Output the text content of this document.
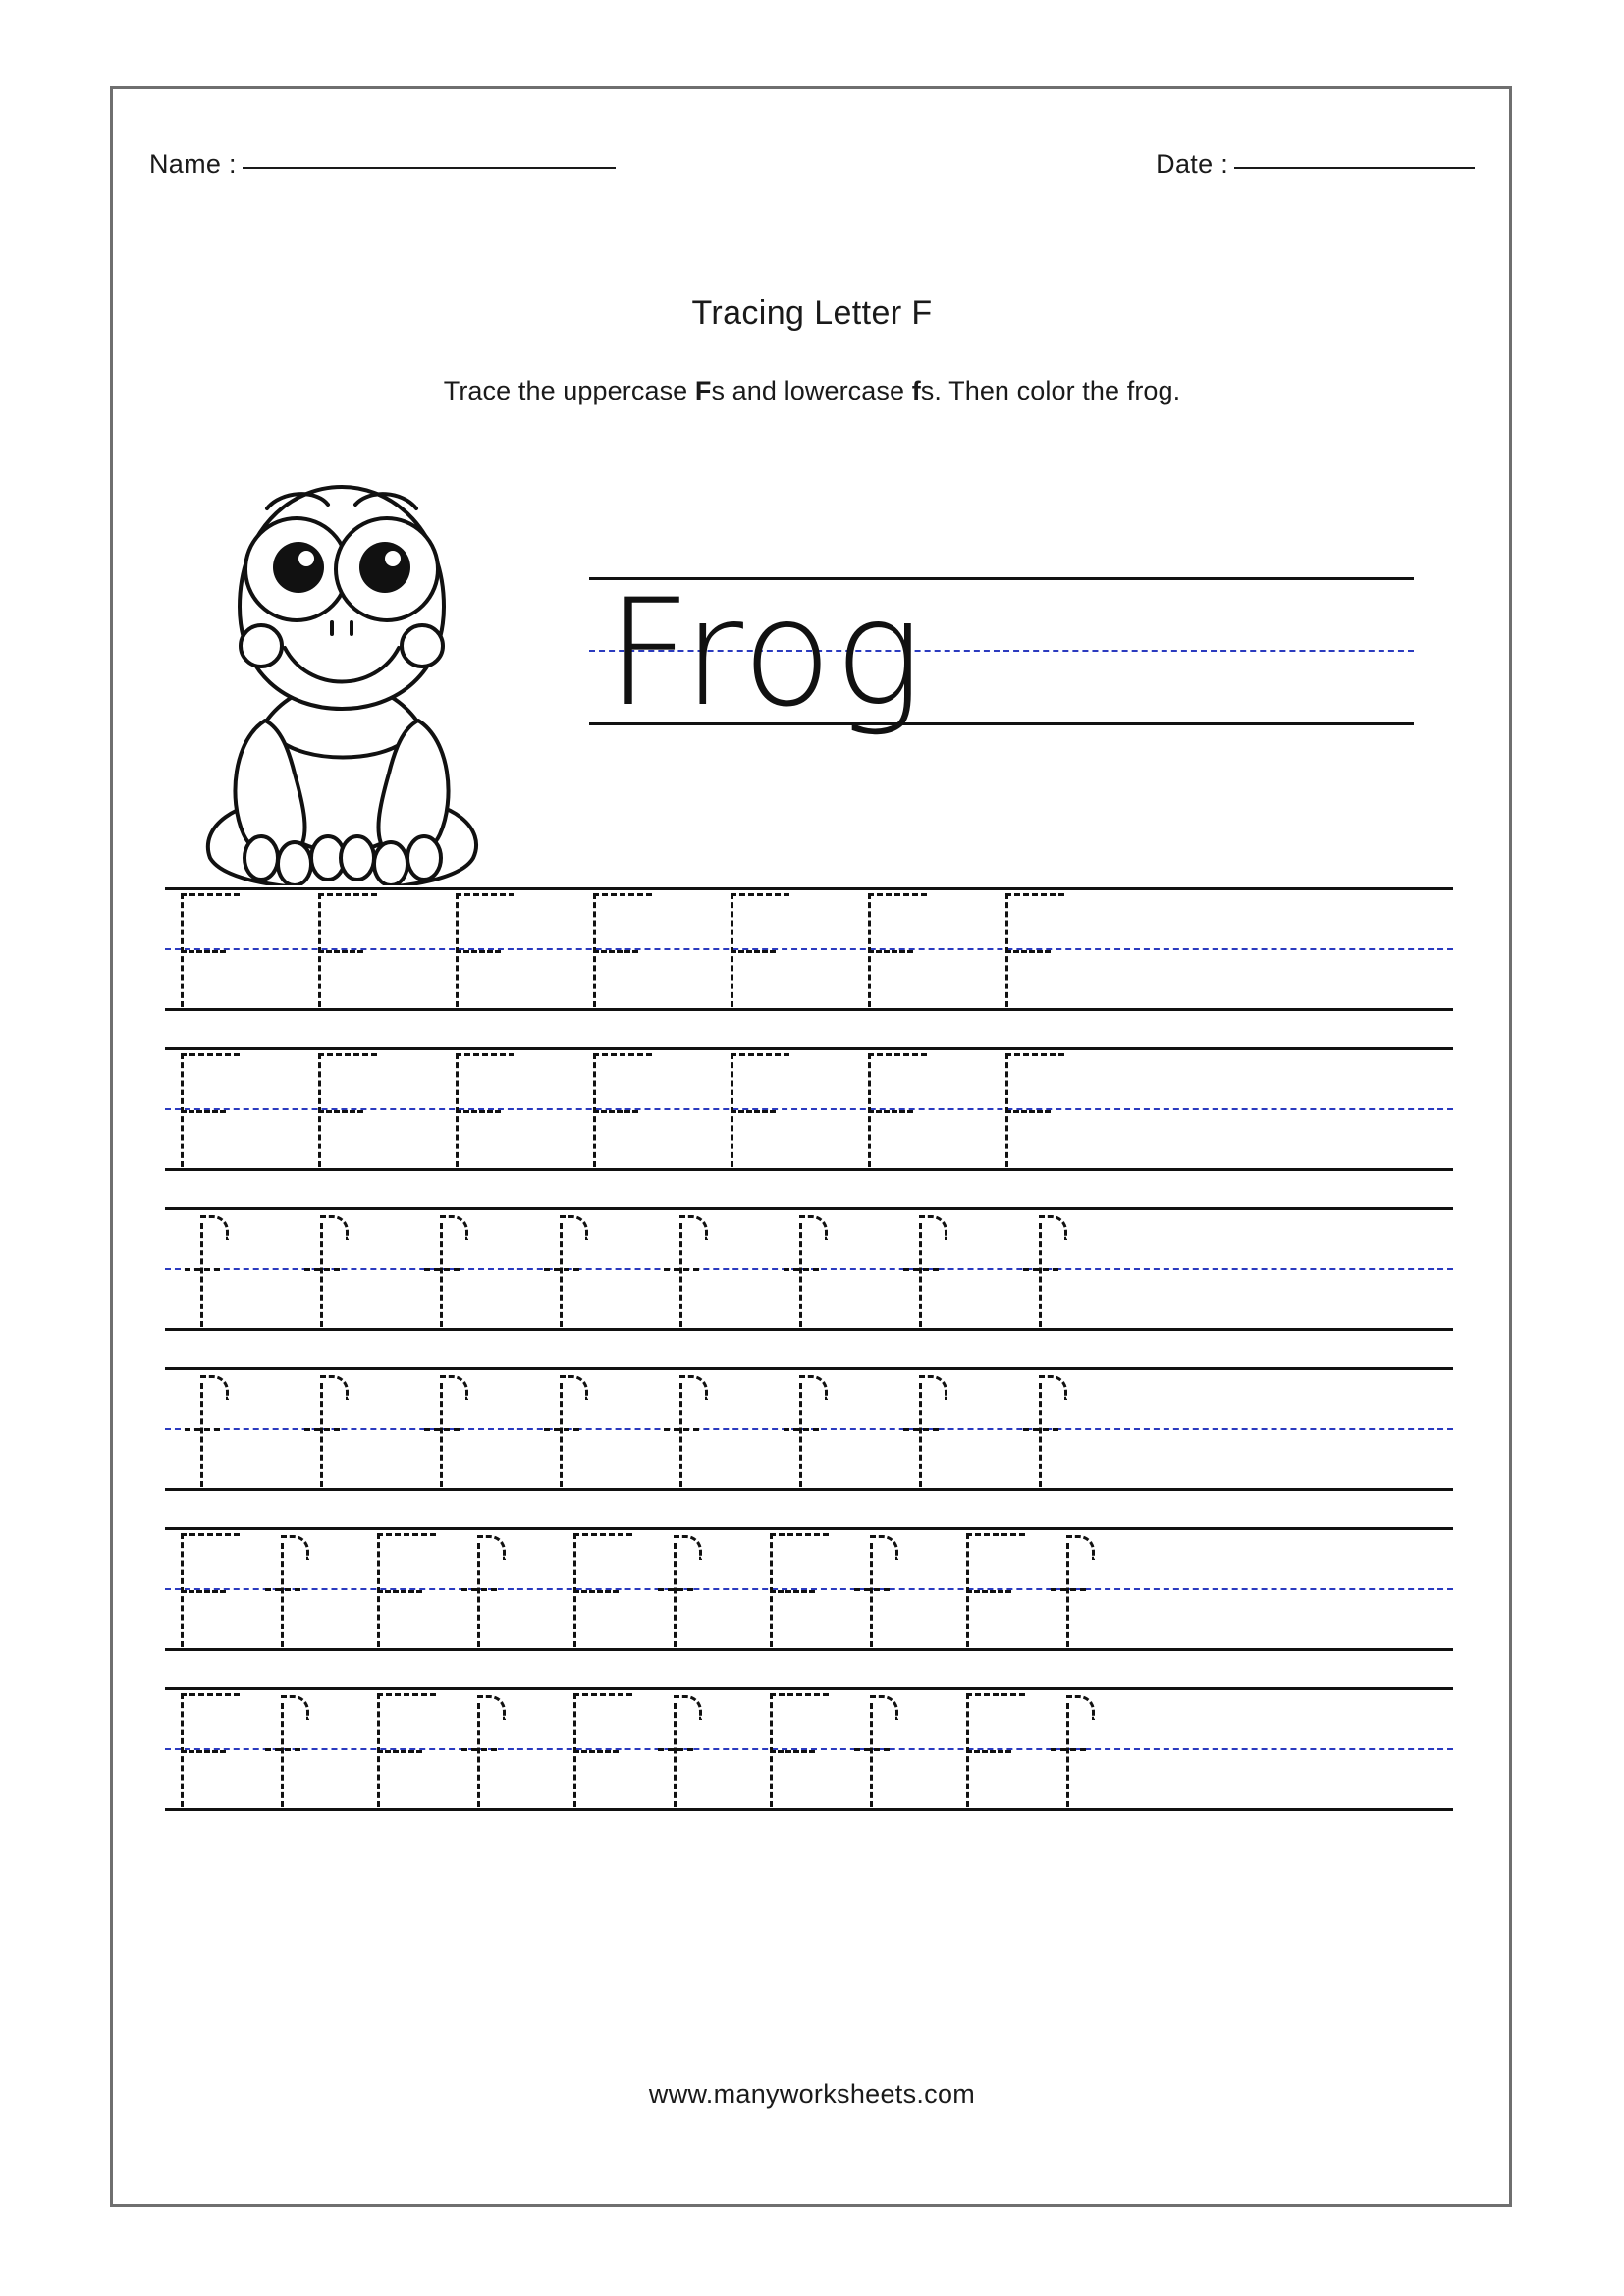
Name :	Date :
Tracing Letter F
Trace the uppercase Fs and lowercase fs. Then color the frog.
Frog
www.manyworksheets.com
